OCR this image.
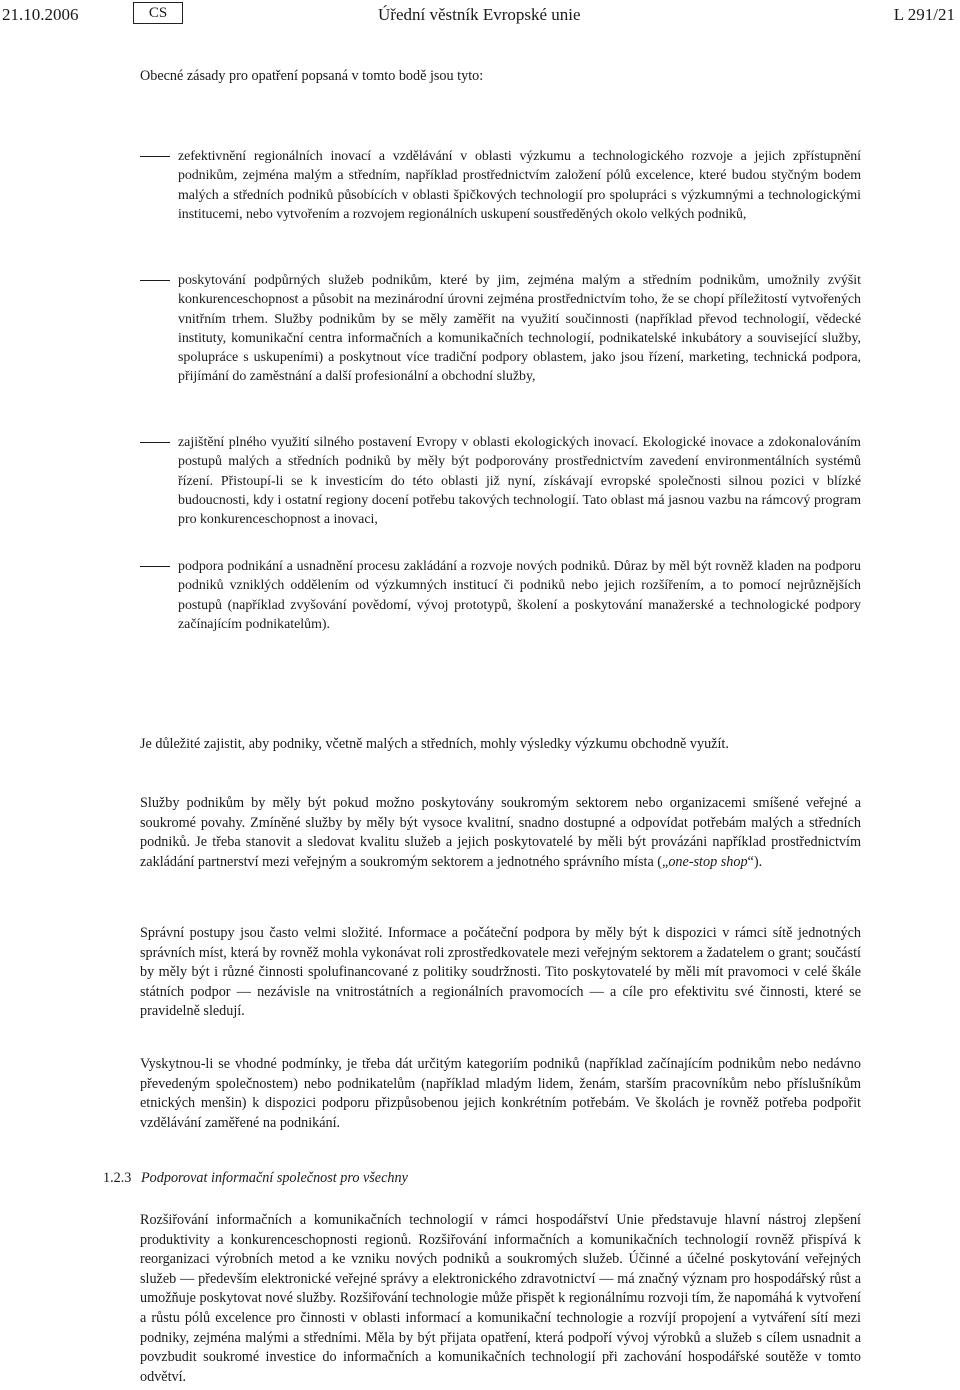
21.10.2006	CS	Úřední věstník Evropské unie	L 291/21

Obecné zásady pro opatření popsaná v tomto bodě jsou tyto:

zefektivnění regionálních inovací a vzdělávání v oblasti výzkumu a technologického rozvoje a jejich zpřístupnění podnikům, zejména malým a středním, například prostřednictvím založení pólů excelence, které budou styčným bodem malých a středních podniků působících v oblasti špičkových technologií pro spolupráci s výzkumnými a technologickými institucemi, nebo vytvořením a rozvojem regionálních uskupení soustředěných okolo velkých podniků,
poskytování podpůrných služeb podnikům, které by jim, zejména malým a středním podnikům, umožnily zvýšit konkurenceschopnost a působit na mezinárodní úrovni zejména prostřednictvím toho, že se chopí příležitostí vytvořených vnitřním trhem. Služby podnikům by se měly zaměřit na využití součinnosti (například převod technologií, vědecké instituty, komunikační centra informačních a komunikačních technologií, podnikatelské inkubátory a související služby, spolupráce s uskupeními) a poskytnout více tradiční podpory oblastem, jako jsou řízení, marketing, technická podpora, přijímání do zaměstnání a další profesionální a obchodní služby,
zajištění plného využití silného postavení Evropy v oblasti ekologických inovací. Ekologické inovace a zdokonalováním postupů malých a středních podniků by měly být podporovány prostřednictvím zavedení environmentálních systémů řízení. Přistoupí-li se k investicím do této oblasti již nyní, získávají evropské společnosti silnou pozici v blízké budoucnosti, kdy i ostatní regiony docení potřebu takových technologií. Tato oblast má jasnou vazbu na rámcový program pro konkurenceschopnost a inovaci,
podpora podnikání a usnadnění procesu zakládání a rozvoje nových podniků. Důraz by měl být rovněž kladen na podporu podniků vzniklých oddělením od výzkumných institucí či podniků nebo jejich rozšířením, a to pomocí nejrůznějších postupů (například zvyšování povědomí, vývoj prototypů, školení a poskytování manažerské a technologické podpory začínajícím podnikatelům).

Je důležité zajistit, aby podniky, včetně malých a středních, mohly výsledky výzkumu obchodně využít.

Služby podnikům by měly být pokud možno poskytovány soukromým sektorem nebo organizacemi smíšené veřejné a soukromé povahy. Zmíněné služby by měly být vysoce kvalitní, snadno dostupné a odpovídat potřebám malých a středních podniků. Je třeba stanovit a sledovat kvalitu služeb a jejich poskytovatelé by měli být provázáni například prostřednictvím zakládání partnerství mezi veřejným a soukromým sektorem a jednotného správního místa („one-stop shop“).

Správní postupy jsou často velmi složité. Informace a počáteční podpora by měly být k dispozici v rámci sítě jednotných správních míst, která by rovněž mohla vykonávat roli zprostředkovatele mezi veřejným sektorem a žadatelem o grant; součástí by měly být i různé činnosti spolufinancované z politiky soudržnosti. Tito poskytovatelé by měli mít pravomoci v celé škále státních podpor — nezávisle na vnitrostátních a regionálních pravomocích — a cíle pro efektivitu své činnosti, které se pravidelně sledují.

Vyskytnou-li se vhodné podmínky, je třeba dát určitým kategoriím podniků (například začínajícím podnikům nebo nedávno převedeným společnostem) nebo podnikatelům (například mladým lidem, ženám, starším pracovníkům nebo příslušníkům etnických menšin) k dispozici podporu přizpůsobenou jejich konkrétním potřebám. Ve školách je rovněž potřeba podpořit vzdělávání zaměřené na podnikání.

1.2.3 Podporovat informační společnost pro všechny

Rozšiřování informačních a komunikačních technologií v rámci hospodářství Unie představuje hlavní nástroj zlepšení produktivity a konkurenceschopnosti regionů. Rozšiřování informačních a komunikačních technologií rovněž přispívá k reorganizaci výrobních metod a ke vzniku nových podniků a soukromých služeb. Účinné a účelné poskytování veřejných služeb — především elektronické veřejné správy a elektronického zdravotnictví — má značný význam pro hospodářský růst a umožňuje poskytovat nové služby. Rozšiřování technologie může přispět k regionálnímu rozvoji tím, že napomáhá k vytvoření a růstu pólů excelence pro činnosti v oblasti informací a komunikační technologie a rozvíjí propojení a vytváření sítí mezi podniky, zejména malými a středními. Měla by být přijata opatření, která podpoří vývoj výrobků a služeb s cílem usnadnit a povzbudit soukromé investice do informačních a komunikačních technologií při zachování hospodářské soutěže v tomto odvětví.
